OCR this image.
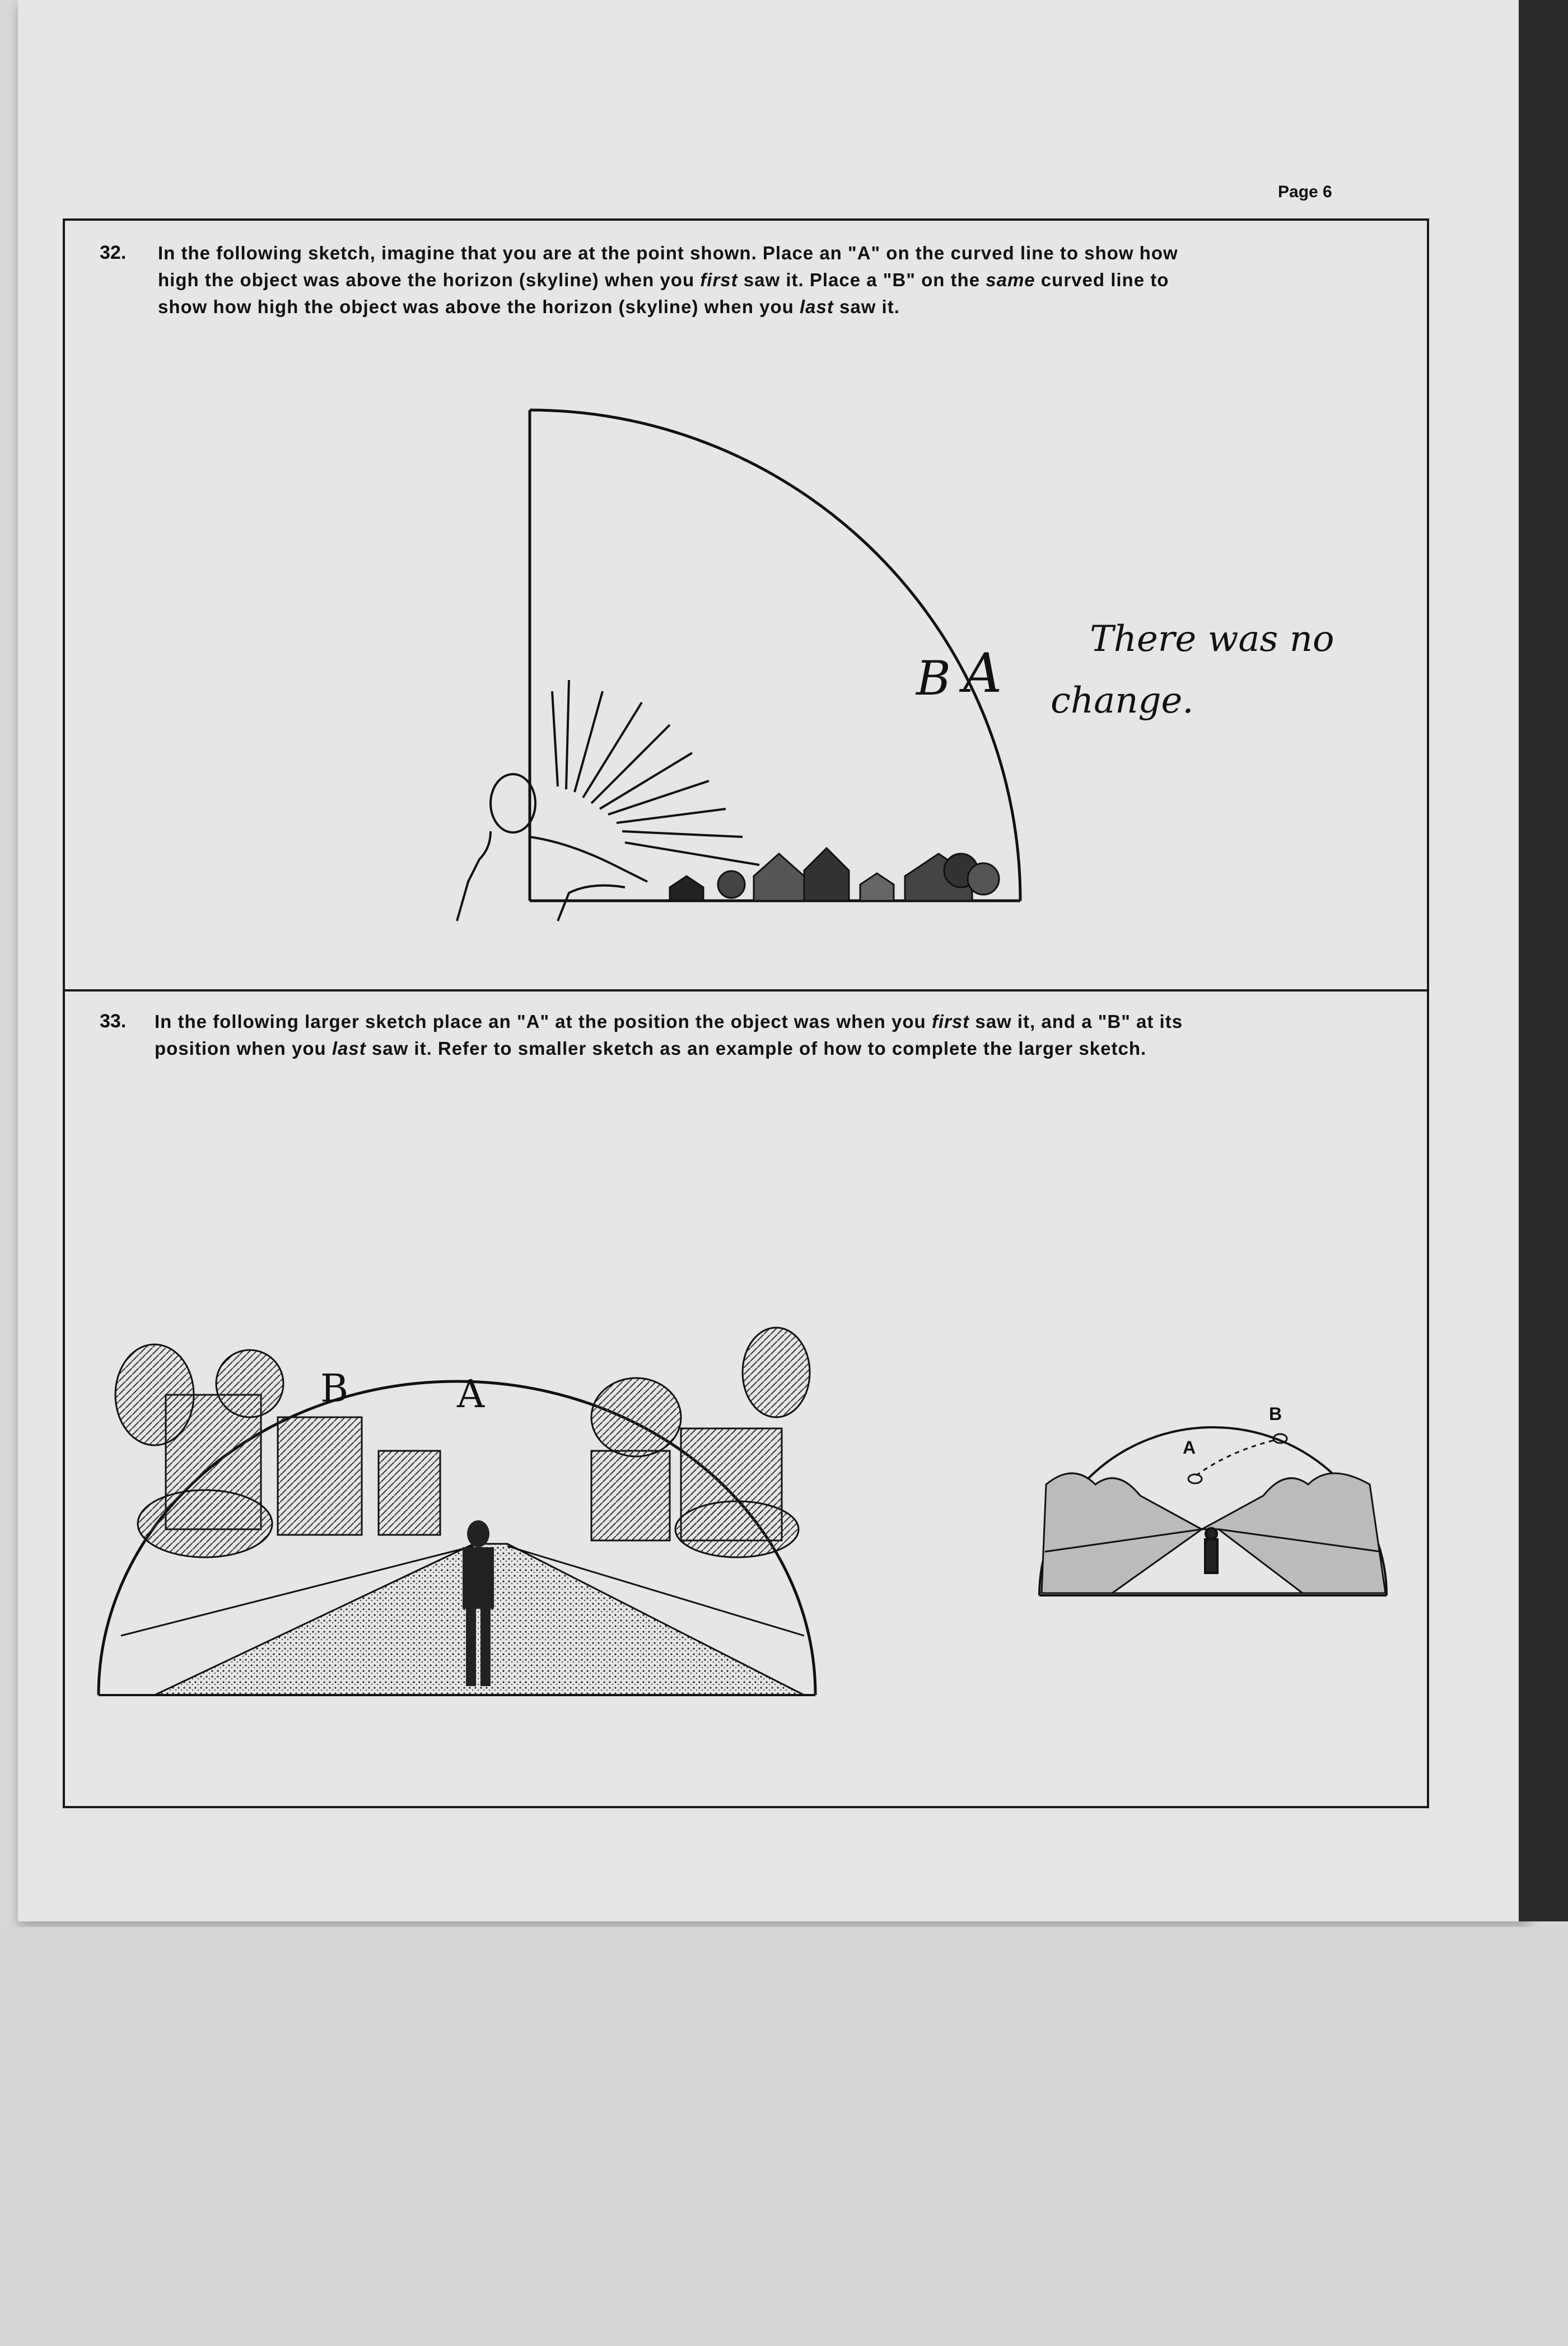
Page 6
32. In the following sketch, imagine that you are at the point shown. Place an "A" on the curved line to show how
high the object was above the horizon (skyline) when you first saw it. Place a "B" on the same curved line to
show how high the object was above the horizon (skyline) when you last saw it.
B A
There was no
change.
33. In the following larger sketch place an "A" at the position the object was when you first saw it, and a "B" at its
position when you last saw it. Refer to smaller sketch as an example of how to complete the larger sketch.
B	A
A
B
